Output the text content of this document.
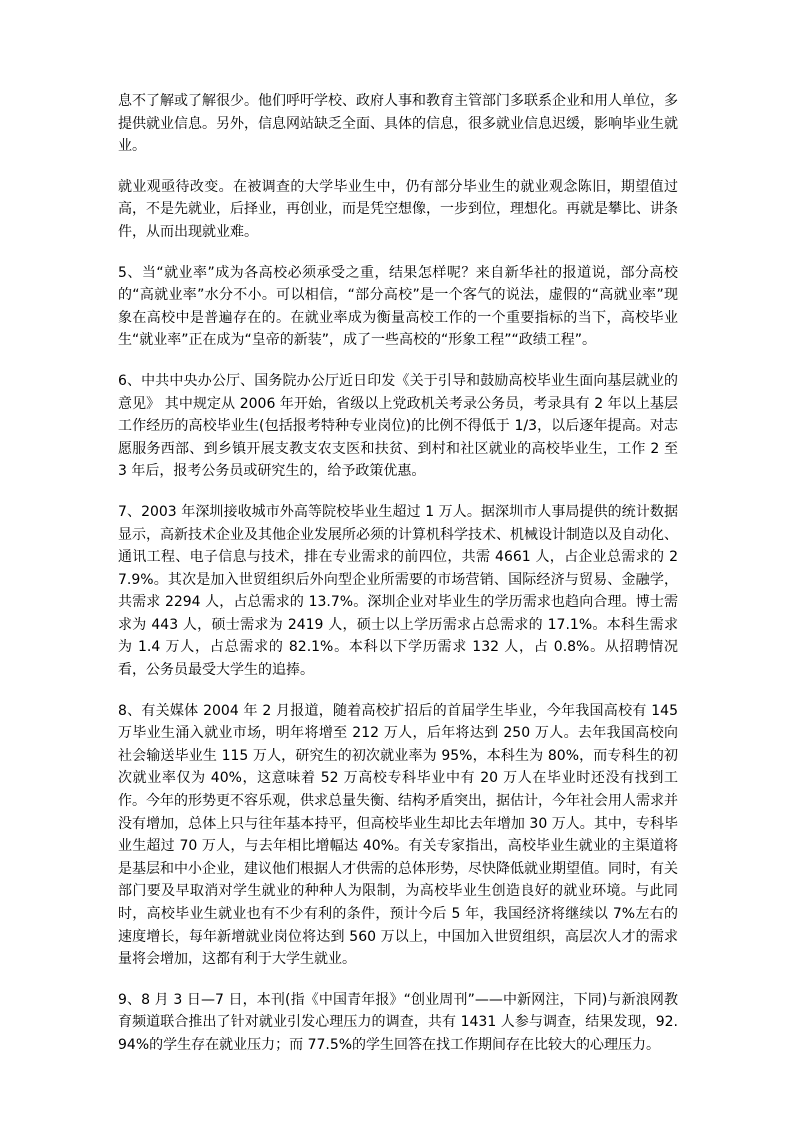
息不了解或了解很少。他们呼吁学校、政府人事和教育主管部门多联系企业和用人单位，多提供就业信息。另外，信息网站缺乏全面、具体的信息，很多就业信息迟缓，影响毕业生就业。

就业观亟待改变。在被调查的大学毕业生中，仍有部分毕业生的就业观念陈旧，期望值过高，不是先就业，后择业，再创业，而是凭空想像，一步到位，理想化。再就是攀比、讲条件，从而出现就业难。

5、当“就业率”成为各高校必须承受之重，结果怎样呢？来自新华社的报道说，部分高校的“高就业率”水分不小。可以相信，“部分高校”是一个客气的说法，虚假的“高就业率”现象在高校中是普遍存在的。在就业率成为衡量高校工作的一个重要指标的当下，高校毕业生“就业率”正在成为“皇帝的新装”，成了一些高校的“形象工程”“政绩工程”。

6、中共中央办公厅、国务院办公厅近日印发《关于引导和鼓励高校毕业生面向基层就业的意见》 其中规定从 2006 年开始，省级以上党政机关考录公务员，考录具有 2 年以上基层工作经历的高校毕业生(包括报考特种专业岗位)的比例不得低于 1/3，以后逐年提高。对志愿服务西部、到乡镇开展支教支农支医和扶贫、到村和社区就业的高校毕业生，工作 2 至 3 年后，报考公务员或研究生的，给予政策优惠。

7、2003 年深圳接收城市外高等院校毕业生超过 1 万人。据深圳市人事局提供的统计数据显示，高新技术企业及其他企业发展所必须的计算机科学技术、机械设计制造以及自动化、通讯工程、电子信息与技术，排在专业需求的前四位，共需 4661 人，占企业总需求的 27.9%。其次是加入世贸组织后外向型企业所需要的市场营销、国际经济与贸易、金融学，共需求 2294 人，占总需求的 13.7%。深圳企业对毕业生的学历需求也趋向合理。博士需求为 443 人，硕士需求为 2419 人，硕士以上学历需求占总需求的 17.1%。本科生需求为 1.4 万人，占总需求的 82.1%。本科以下学历需求 132 人，占 0.8%。从招聘情况看，公务员最受大学生的追捧。

8、有关媒体 2004 年 2 月报道，随着高校扩招后的首届学生毕业，今年我国高校有 145 万毕业生涌入就业市场，明年将增至 212 万人，后年将达到 250 万人。去年我国高校向社会输送毕业生 115 万人，研究生的初次就业率为 95%，本科生为 80%，而专科生的初次就业率仅为 40%，这意味着 52 万高校专科毕业中有 20 万人在毕业时还没有找到工作。今年的形势更不容乐观，供求总量失衡、结构矛盾突出，据估计，今年社会用人需求并没有增加，总体上只与往年基本持平，但高校毕业生却比去年增加 30 万人。其中，专科毕业生超过 70 万人，与去年相比增幅达 40%。有关专家指出，高校毕业生就业的主渠道将是基层和中小企业，建议他们根据人才供需的总体形势，尽快降低就业期望值。同时，有关部门要及早取消对学生就业的种种人为限制，为高校毕业生创造良好的就业环境。与此同时，高校毕业生就业也有不少有利的条件，预计今后 5 年，我国经济将继续以 7%左右的速度增长，每年新增就业岗位将达到 560 万以上，中国加入世贸组织，高层次人才的需求量将会增加，这都有利于大学生就业。

9、8 月 3 日—7 日，本刊(指《中国青年报》“创业周刊”——中新网注，下同)与新浪网教育频道联合推出了针对就业引发心理压力的调查，共有 1431 人参与调查，结果发现，92.94%的学生存在就业压力；而 77.5%的学生回答在找工作期间存在比较大的心理压力。
